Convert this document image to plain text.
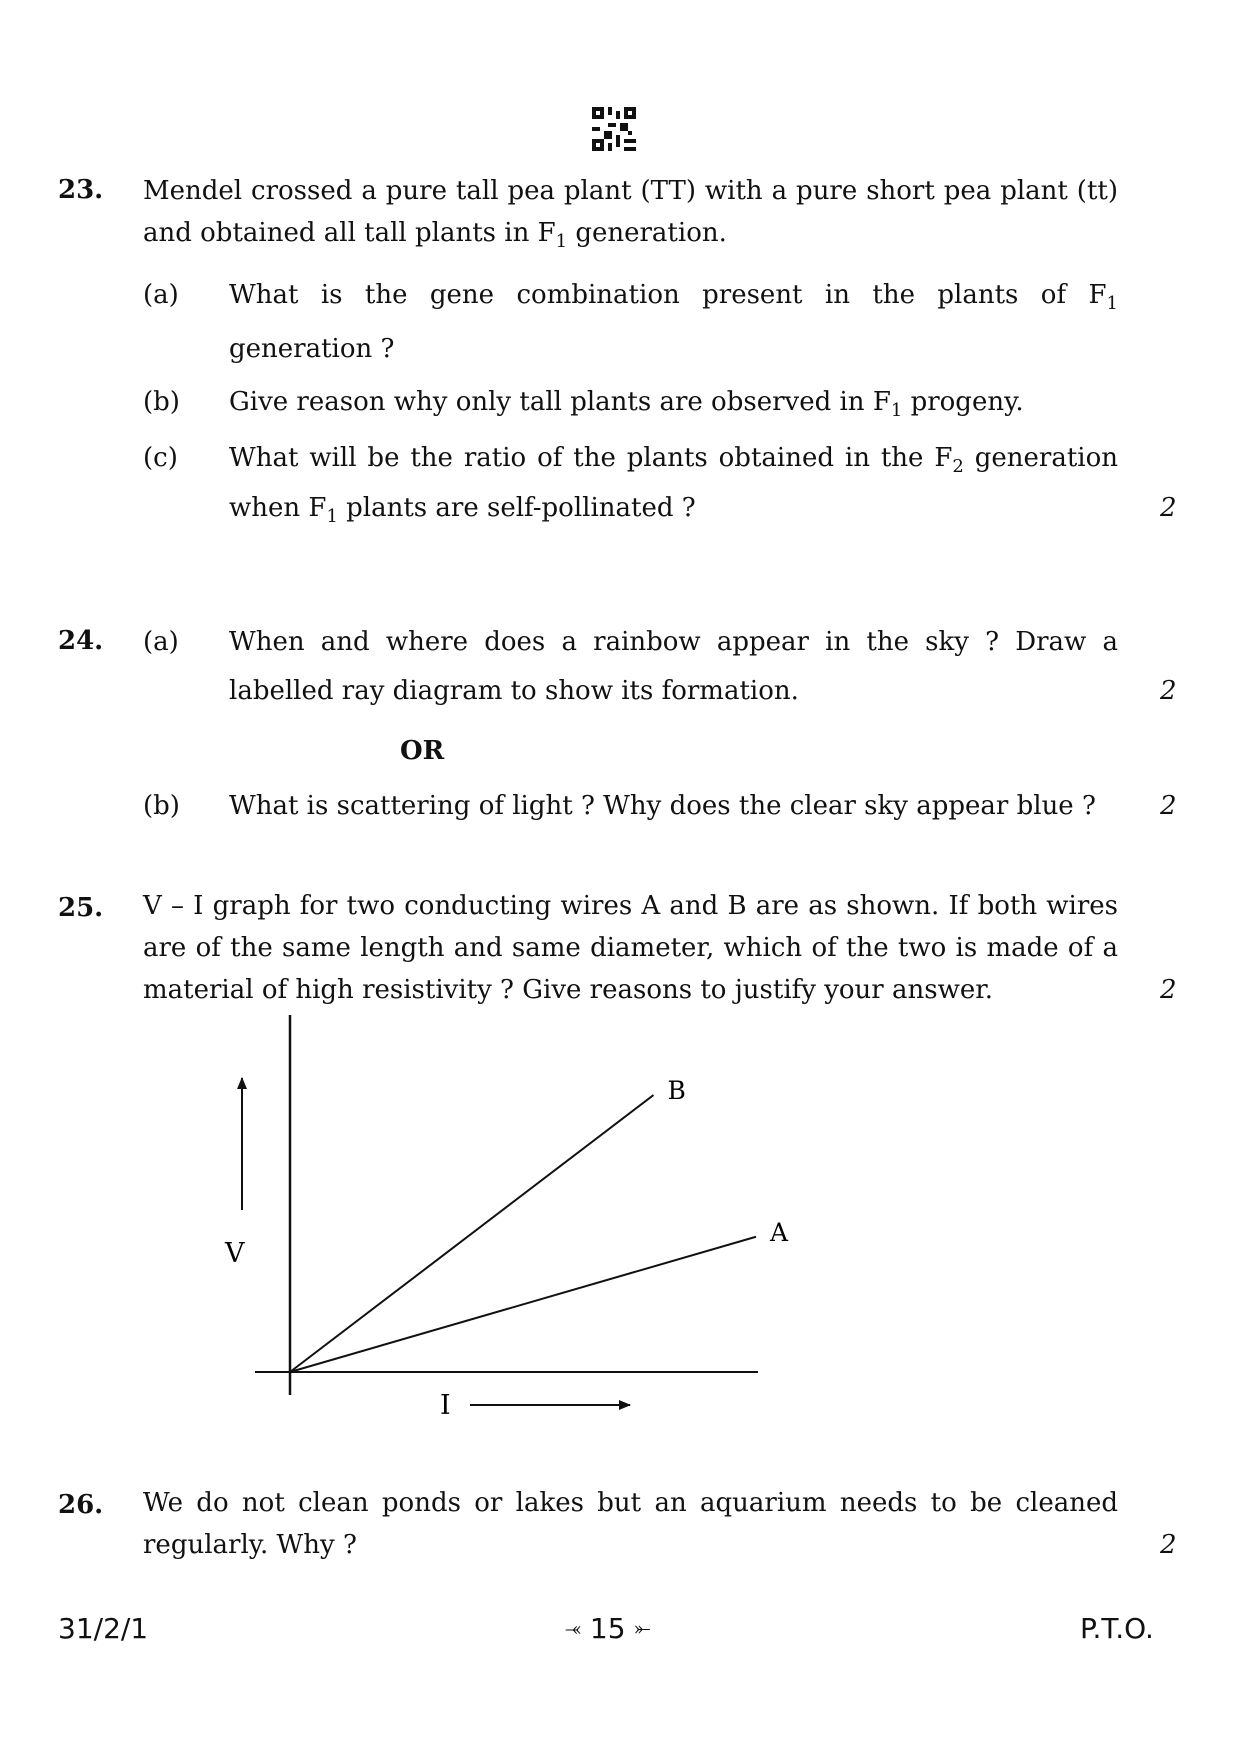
23. Mendel crossed a pure tall pea plant (TT) with a pure short pea plant (tt)
and obtained all tall plants in $F_1$ generation.
(a) What is the gene combination present in the plants of $F_1$
generation ?
(b) Give reason why only tall plants are observed in $F_1$ progeny.
(c) What will be the ratio of the plants obtained in the $F_2$ generation
when $F_1$ plants are self-pollinated ?	2
24. (a) When and where does a rainbow appear in the sky ? Draw a
labelled ray diagram to show its formation.	2
OR
(b) What is scattering of light ? Why does the clear sky appear blue ? 2
25. V – I graph for two conducting wires A and B are as shown. If both wires
are of the same length and same diameter, which of the two is made of a
material of high resistivity ? Give reasons to justify your answer.	2
V
I
B
A
26. We do not clean ponds or lakes but an aquarium needs to be cleaned
regularly. Why ?	2
31/2/1	⤛ 15 ⤜	P.T.O.
